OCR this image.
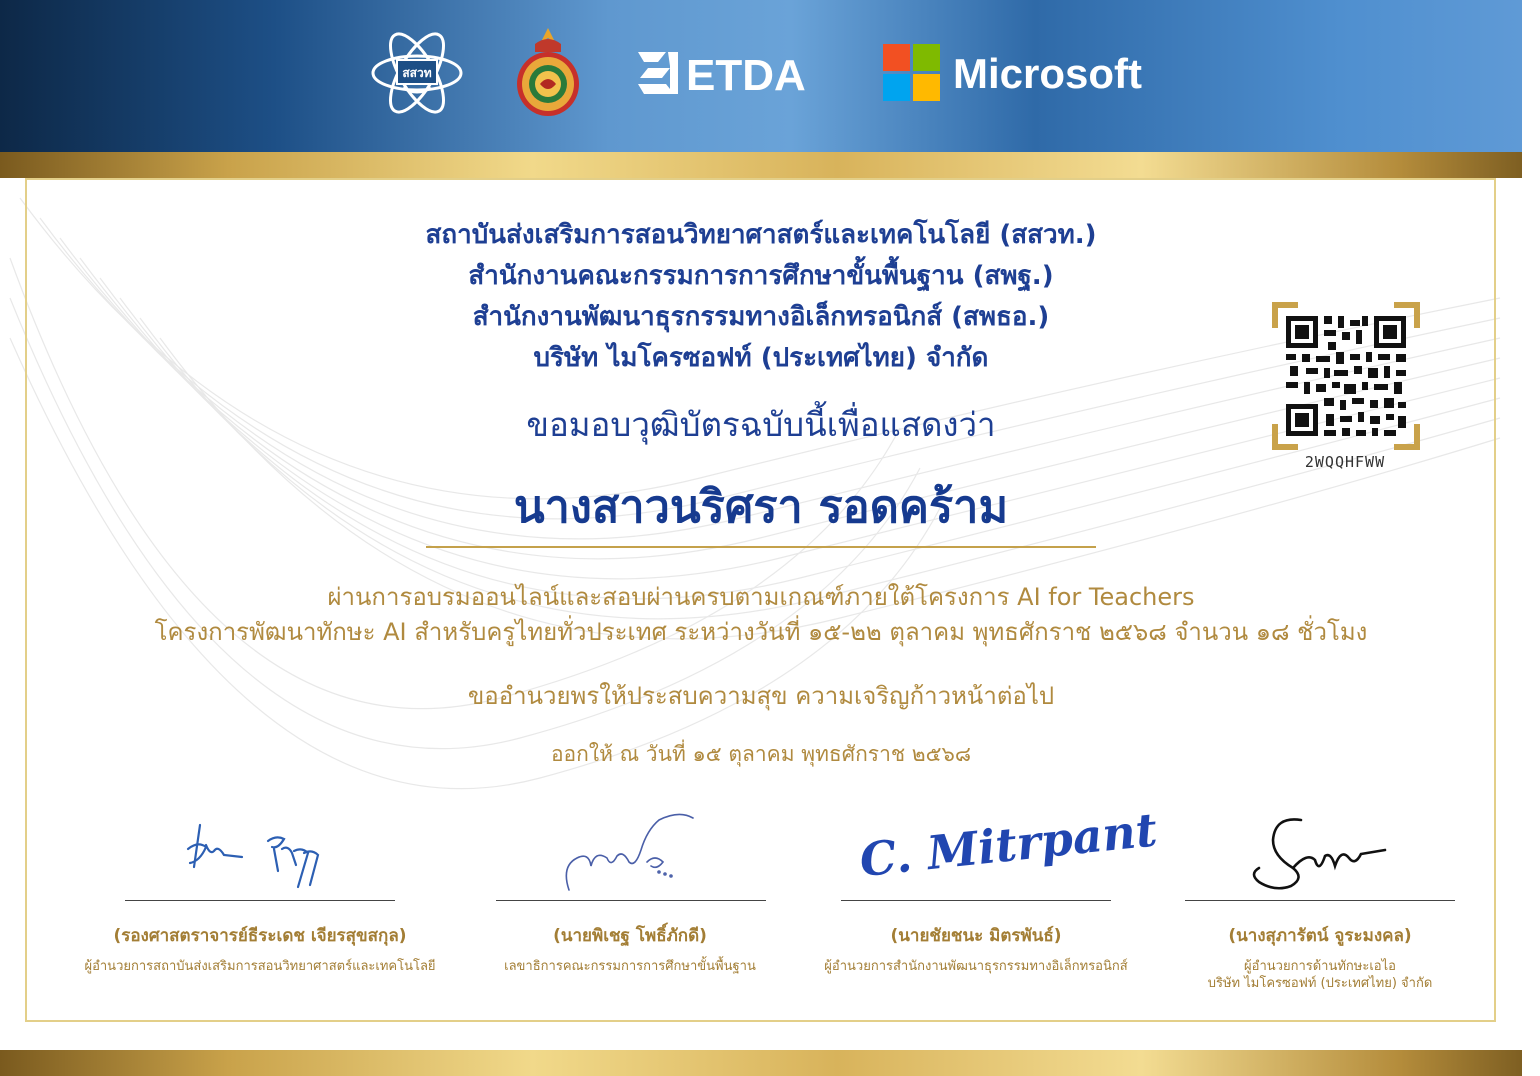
สสวท	ETDA	Microsoft
สถาบันส่งเสริมการสอนวิทยาศาสตร์และเทคโนโลยี (สสวท.)
สำนักงานคณะกรรมการการศึกษาขั้นพื้นฐาน (สพฐ.)
สำนักงานพัฒนาธุรกรรมทางอิเล็กทรอนิกส์ (สพธอ.)
บริษัท ไมโครซอฟท์ (ประเทศไทย) จำกัด
ขอมอบวุฒิบัตรฉบับนี้เพื่อแสดงว่า
นางสาวนริศรา รอดคร้าม
ผ่านการอบรมออนไลน์และสอบผ่านครบตามเกณฑ์ภายใต้โครงการ AI for Teachers
โครงการพัฒนาทักษะ AI สำหรับครูไทยทั่วประเทศ ระหว่างวันที่ ๑๕-๒๒ ตุลาคม พุทธศักราช ๒๕๖๘ จำนวน ๑๘ ชั่วโมง
ขออำนวยพรให้ประสบความสุข ความเจริญก้าวหน้าต่อไป
ออกให้ ณ วันที่ ๑๕ ตุลาคม พุทธศักราช ๒๕๖๘
2WQQHFWW
C. Mitrpant
(รองศาสตราจารย์ธีระเดช เจียรสุขสกุล)	(นายพิเชฐ โพธิ์ภักดี)	(นายชัยชนะ มิตรพันธ์)	(นางสุภารัตน์ จูระมงคล)
ผู้อำนวยการสถาบันส่งเสริมการสอนวิทยาศาสตร์และเทคโนโลยี	เลขาธิการคณะกรรมการการศึกษาขั้นพื้นฐาน	ผู้อำนวยการสำนักงานพัฒนาธุรกรรมทางอิเล็กทรอนิกส์	ผู้อำนวยการด้านทักษะเอไอ
บริษัท ไมโครซอฟท์ (ประเทศไทย) จำกัด
